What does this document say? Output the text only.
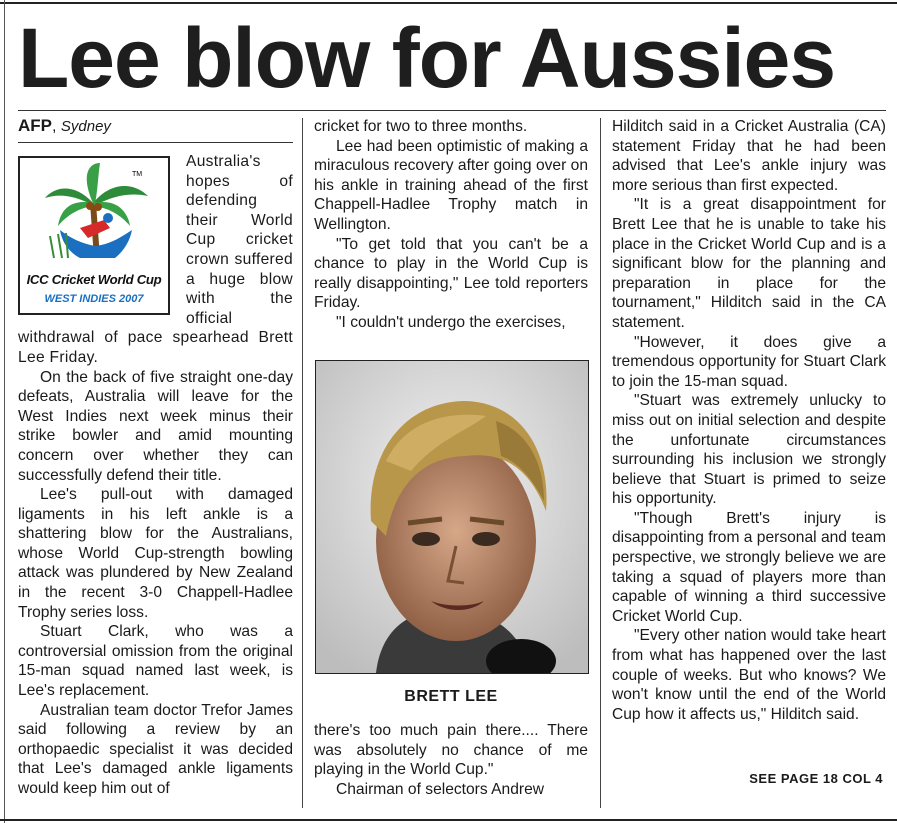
Lee blow for Aussies
AFP, Sydney
TM
ICC Cricket World Cup
WEST INDIES 2007

Australia's hopes of defending their World Cup cricket crown suffered a huge blow with the official withdrawal of pace spearhead Brett Lee Friday.

On the back of five straight one-day defeats, Australia will leave for the West Indies next week minus their strike bowler and amid mounting concern over whether they can successfully defend their title.

Lee's pull-out with damaged ligaments in his left ankle is a shattering blow for the Australians, whose World Cup-strength bowling attack was plundered by New Zealand in the recent 3-0 Chappell-Hadlee Trophy series loss.

Stuart Clark, who was a controversial omission from the original 15-man squad named last week, is Lee's replacement.

Australian team doctor Trefor James said following a review by an orthopaedic specialist it was decided that Lee's damaged ankle ligaments would keep him out of

cricket for two to three months.

Lee had been optimistic of making a miraculous recovery after going over on his ankle in training ahead of the first Chappell-Hadlee Trophy match in Wellington.

"To get told that you can't be a chance to play in the World Cup is really disappointing," Lee told reporters Friday.

"I couldn't undergo the exercises,

BRETT LEE

there's too much pain there.... There was absolutely no chance of me playing in the World Cup."

Chairman of selectors Andrew

Hilditch said in a Cricket Australia (CA) statement Friday that he had been advised that Lee's ankle injury was more serious than first expected.

"It is a great disappointment for Brett Lee that he is unable to take his place in the Cricket World Cup and is a significant blow for the planning and preparation in place for the tournament," Hilditch said in the CA statement.

"However, it does give a tremendous opportunity for Stuart Clark to join the 15-man squad.

"Stuart was extremely unlucky to miss out on initial selection and despite the unfortunate circumstances surrounding his inclusion we strongly believe that Stuart is primed to seize his opportunity.

"Though Brett's injury is disappointing from a personal and team perspective, we strongly believe we are taking a squad of players more than capable of winning a third successive Cricket World Cup.

"Every other nation would take heart from what has happened over the last couple of weeks. But who knows? We won't know until the end of the World Cup how it affects us," Hilditch said.

SEE PAGE 18 COL 4
